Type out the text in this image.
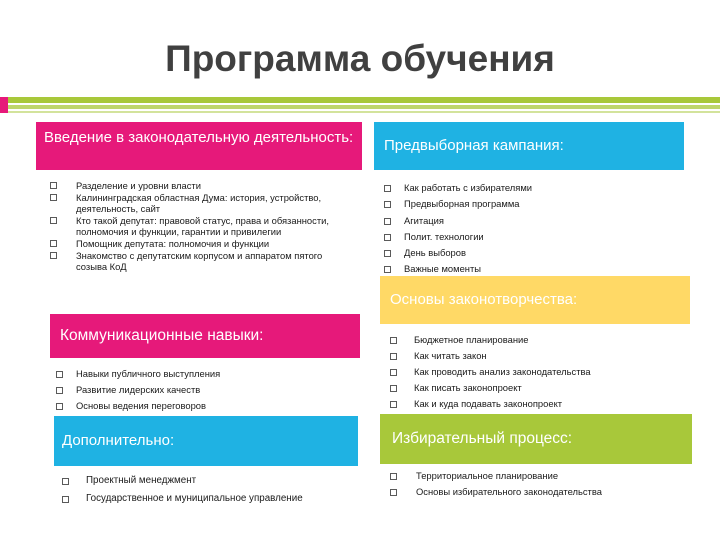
Программа обучения
Введение в законодательную деятельность:
Разделение и уровни власти
Калининградская областная Дума: история, устройство, деятельность, сайт
Кто такой депутат: правовой статус, права и обязанности, полномочия и функции, гарантии и привилегии
Помощник депутата: полномочия и функции
Знакомство с депутатским корпусом и аппаратом пятого созыва КоД
Предвыборная кампания:
Как работать с избирателями
Предвыборная программа
Агитация
Полит. технологии
День выборов
Важные моменты
Коммуникационные навыки:
Навыки публичного выступления
Развитие лидерских качеств
Основы ведения переговоров
Основы законотворчества:
Бюджетное планирование
Как читать закон
Как проводить анализ законодательства
Как писать законопроект
Как и куда подавать законопроект
Дополнительно:
Проектный менеджмент
Государственное и муниципальное управление
Избирательный процесс:
Территориальное планирование
Основы избирательного законодательства
